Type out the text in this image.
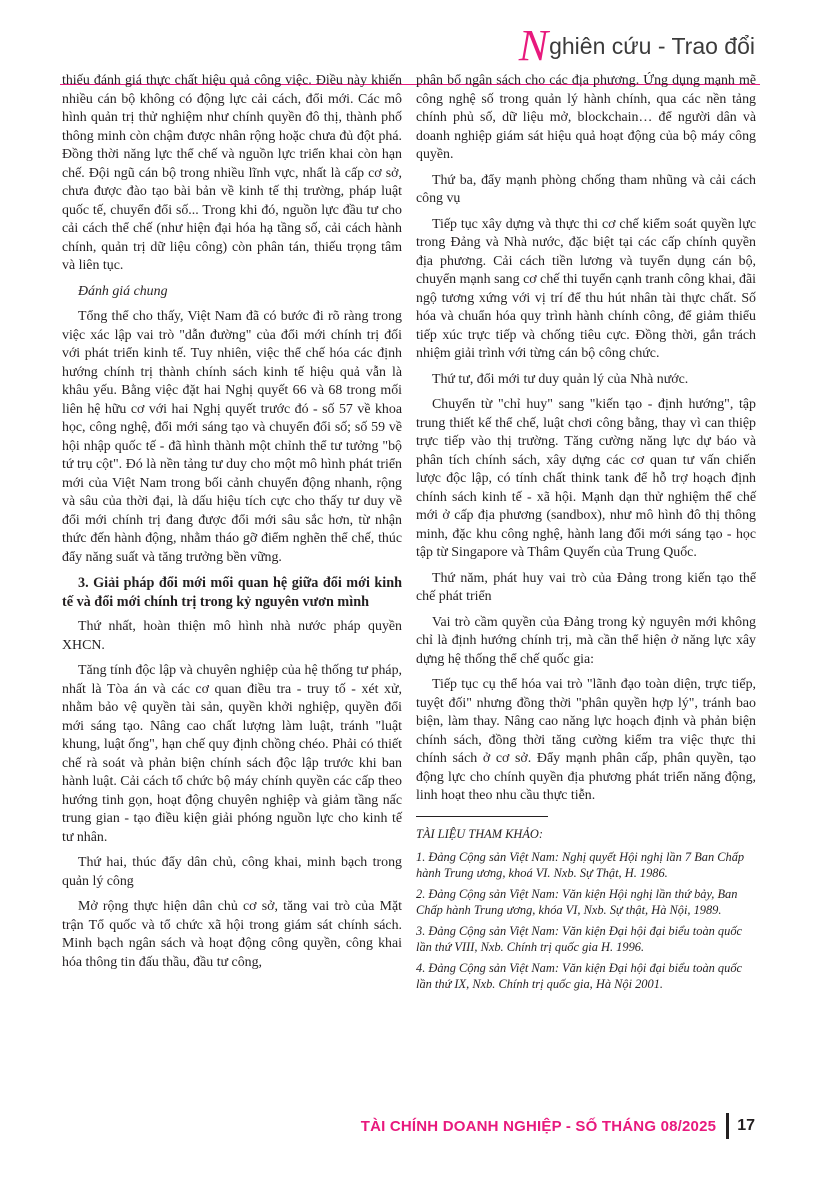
Nghiên cứu - Trao đổi

thiếu đánh giá thực chất hiệu quả công việc. Điều này khiến nhiều cán bộ không có động lực cải cách, đổi mới. Các mô hình quản trị thử nghiệm như chính quyền đô thị, thành phố thông minh còn chậm được nhân rộng hoặc chưa đủ đột phá. Đồng thời năng lực thể chế và nguồn lực triển khai còn hạn chế. Đội ngũ cán bộ trong nhiều lĩnh vực, nhất là cấp cơ sở, chưa được đào tạo bài bản về kinh tế thị trường, pháp luật quốc tế, chuyển đổi số... Trong khi đó, nguồn lực đầu tư cho cải cách thể chế (như hiện đại hóa hạ tầng số, cải cách hành chính, quản trị dữ liệu công) còn phân tán, thiếu trọng tâm và liên tục.

Đánh giá chung

Tổng thể cho thấy, Việt Nam đã có bước đi rõ ràng trong việc xác lập vai trò "dẫn đường" của đổi mới chính trị đối với phát triển kinh tế. Tuy nhiên, việc thể chế hóa các định hướng chính trị thành chính sách kinh tế hiệu quả vẫn là khâu yếu. Bằng việc đặt hai Nghị quyết 66 và 68 trong mối liên hệ hữu cơ với hai Nghị quyết trước đó - số 57 về khoa học, công nghệ, đổi mới sáng tạo và chuyển đổi số; số 59 về hội nhập quốc tế - đã hình thành một chỉnh thể tư tưởng "bộ tứ trụ cột". Đó là nền tảng tư duy cho một mô hình phát triển mới của Việt Nam trong bối cảnh chuyển động nhanh, rộng và sâu của thời đại, là dấu hiệu tích cực cho thấy tư duy về đổi mới chính trị đang được đổi mới sâu sắc hơn, từ nhận thức đến hành động, nhằm tháo gỡ điểm nghẽn thể chế, thúc đẩy năng suất và tăng trưởng bền vững.

3. Giải pháp đổi mới mối quan hệ giữa đổi mới kinh tế và đổi mới chính trị trong kỷ nguyên vươn mình

Thứ nhất, hoàn thiện mô hình nhà nước pháp quyền XHCN.

Tăng tính độc lập và chuyên nghiệp của hệ thống tư pháp, nhất là Tòa án và các cơ quan điều tra - truy tố - xét xử, nhằm bảo vệ quyền tài sản, quyền khởi nghiệp, quyền đổi mới sáng tạo. Nâng cao chất lượng làm luật, tránh "luật khung, luật ống", hạn chế quy định chồng chéo. Phải có thiết chế rà soát và phản biện chính sách độc lập trước khi ban hành luật. Cải cách tổ chức bộ máy chính quyền các cấp theo hướng tinh gọn, hoạt động chuyên nghiệp và giảm tầng nấc trung gian - tạo điều kiện giải phóng nguồn lực cho kinh tế tư nhân.

Thứ hai, thúc đẩy dân chủ, công khai, minh bạch trong quản lý công

Mở rộng thực hiện dân chủ cơ sở, tăng vai trò của Mặt trận Tổ quốc và tổ chức xã hội trong giám sát chính sách. Minh bạch ngân sách và hoạt động công quyền, công khai hóa thông tin đấu thầu, đầu tư công,

phân bổ ngân sách cho các địa phương. Ứng dụng mạnh mẽ công nghệ số trong quản lý hành chính, qua các nền tảng chính phủ số, dữ liệu mở, blockchain… để người dân và doanh nghiệp giám sát hiệu quả hoạt động của bộ máy công quyền.

Thứ ba, đẩy mạnh phòng chống tham nhũng và cải cách công vụ

Tiếp tục xây dựng và thực thi cơ chế kiểm soát quyền lực trong Đảng và Nhà nước, đặc biệt tại các cấp chính quyền địa phương. Cải cách tiền lương và tuyển dụng cán bộ, chuyển mạnh sang cơ chế thi tuyển cạnh tranh công khai, đãi ngộ tương xứng với vị trí để thu hút nhân tài thực chất. Số hóa và chuẩn hóa quy trình hành chính công, để giảm thiểu tiếp xúc trực tiếp và chống tiêu cực. Đồng thời, gắn trách nhiệm giải trình với từng cán bộ công chức.

Thứ tư, đổi mới tư duy quản lý của Nhà nước.

Chuyển từ "chỉ huy" sang "kiến tạo - định hướng", tập trung thiết kế thể chế, luật chơi công bằng, thay vì can thiệp trực tiếp vào thị trường. Tăng cường năng lực dự báo và phân tích chính sách, xây dựng các cơ quan tư vấn chiến lược độc lập, có tính chất think tank để hỗ trợ hoạch định chính sách kinh tế - xã hội. Mạnh dạn thử nghiệm thể chế mới ở cấp địa phương (sandbox), như mô hình đô thị thông minh, đặc khu công nghệ, hành lang đổi mới sáng tạo - học tập từ Singapore và Thâm Quyến của Trung Quốc.

Thứ năm, phát huy vai trò của Đảng trong kiến tạo thể chế phát triển

Vai trò cầm quyền của Đảng trong kỷ nguyên mới không chỉ là định hướng chính trị, mà cần thể hiện ở năng lực xây dựng hệ thống thể chế quốc gia:

Tiếp tục cụ thể hóa vai trò "lãnh đạo toàn diện, trực tiếp, tuyệt đối" nhưng đồng thời "phân quyền hợp lý", tránh bao biện, làm thay. Nâng cao năng lực hoạch định và phản biện chính sách, đồng thời tăng cường kiểm tra việc thực thi chính sách ở cơ sở. Đẩy mạnh phân cấp, phân quyền, tạo động lực cho chính quyền địa phương phát triển năng động, linh hoạt theo nhu cầu thực tiễn.

TÀI LIỆU THAM KHẢO:

1. Đảng Cộng sản Việt Nam: Nghị quyết Hội nghị lần 7 Ban Chấp hành Trung ương, khoá VI. Nxb. Sự Thật, H. 1986.

2. Đảng Cộng sản Việt Nam: Văn kiện Hội nghị lần thứ bảy, Ban Chấp hành Trung ương, khóa VI, Nxb. Sự thật, Hà Nội, 1989.

3. Đảng Cộng sản Việt Nam: Văn kiện Đại hội đại biểu toàn quốc lần thứ VIII, Nxb. Chính trị quốc gia H. 1996.

4. Đảng Cộng sản Việt Nam: Văn kiện Đại hội đại biểu toàn quốc lần thứ IX, Nxb. Chính trị quốc gia, Hà Nội 2001.

TÀI CHÍNH DOANH NGHIỆP - SỐ THÁNG 08/2025 17
